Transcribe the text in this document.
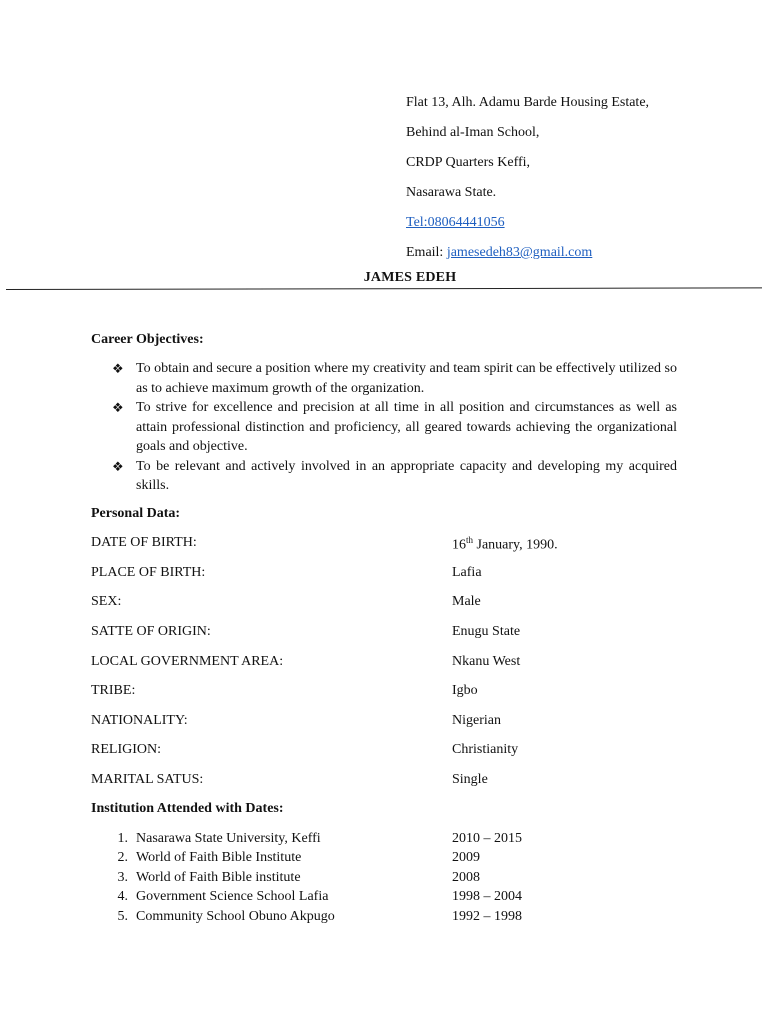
Flat 13, Alh. Adamu Barde Housing Estate,
Behind al-Iman School,
CRDP Quarters Keffi,
Nasarawa State.
Tel:08064441056
Email: jamesedeh83@gmail.com
JAMES EDEH
Career Objectives:
❖ To obtain and secure a position where my creativity and team spirit can be effectively utilized so as to achieve maximum growth of the organization.
❖ To strive for excellence and precision at all time in all position and circumstances as well as attain professional distinction and proficiency, all geared towards achieving the organizational goals and objective.
❖ To be relevant and actively involved in an appropriate capacity and developing my acquired skills.
Personal Data:
DATE OF BIRTH:	16th January, 1990.
PLACE OF BIRTH:	Lafia
SEX:	Male
SATTE OF ORIGIN:	Enugu State
LOCAL GOVERNMENT AREA:	Nkanu West
TRIBE:	Igbo
NATIONALITY:	Nigerian
RELIGION:	Christianity
MARITAL SATUS:	Single
Institution Attended with Dates:
1. Nasarawa State University, Keffi	2010 – 2015
2. World of Faith Bible Institute	2009
3. World of Faith Bible institute	2008
4. Government Science School Lafia	1998 – 2004
5. Community School Obuno Akpugo	1992 – 1998
